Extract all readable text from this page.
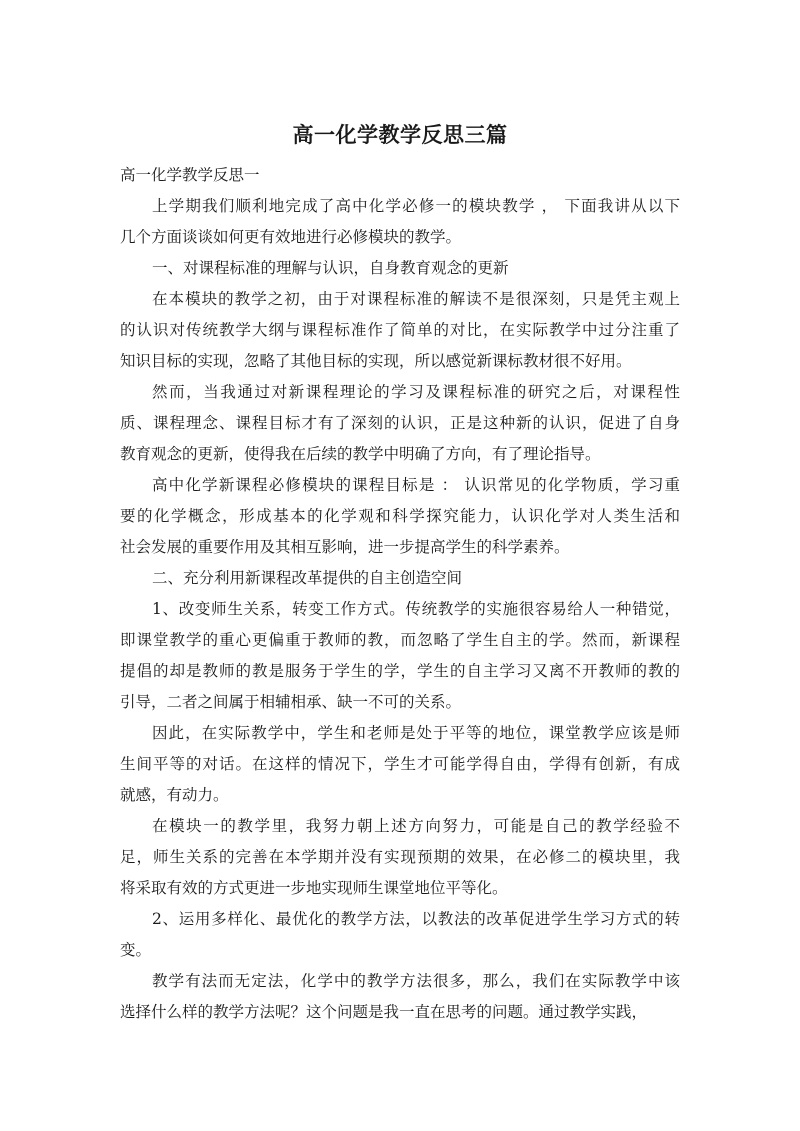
高一化学教学反思三篇
高一化学教学反思一
上学期我们顺利地完成了高中化学必修一的模块教学 ， 下面我讲从以下
几个方面谈谈如何更有效地进行必修模块的教学。
一、对课程标准的理解与认识，自身教育观念的更新
在本模块的教学之初，由于对课程标准的解读不是很深刻，只是凭主观上
的认识对传统教学大纲与课程标准作了简单的对比，在实际教学中过分注重了
知识目标的实现，忽略了其他目标的实现，所以感觉新课标教材很不好用。
然而，当我通过对新课程理论的学习及课程标准的研究之后，对课程性
质、课程理念、课程目标才有了深刻的认识，正是这种新的认识，促进了自身
教育观念的更新，使得我在后续的教学中明确了方向，有了理论指导。
高中化学新课程必修模块的课程目标是 ： 认识常见的化学物质，学习重
要的化学概念，形成基本的化学观和科学探究能力，认识化学对人类生活和
社会发展的重要作用及其相互影响，进一步提高学生的科学素养。
二、充分利用新课程改革提供的自主创造空间
1、改变师生关系，转变工作方式。传统教学的实施很容易给人一种错觉，
即课堂教学的重心更偏重于教师的教，而忽略了学生自主的学。然而，新课程
提倡的却是教师的教是服务于学生的学，学生的自主学习又离不开教师的教的
引导，二者之间属于相辅相承、缺一不可的关系。
因此，在实际教学中，学生和老师是处于平等的地位，课堂教学应该是师
生间平等的对话。在这样的情况下，学生才可能学得自由，学得有创新，有成
就感，有动力。
在模块一的教学里，我努力朝上述方向努力，可能是自己的教学经验不
足，师生关系的完善在本学期并没有实现预期的效果，在必修二的模块里，我
将采取有效的方式更进一步地实现师生课堂地位平等化。
2、运用多样化、最优化的教学方法，以教法的改革促进学生学习方式的转
变。
教学有法而无定法，化学中的教学方法很多，那么，我们在实际教学中该
选择什么样的教学方法呢？这个问题是我一直在思考的问题。通过教学实践，
